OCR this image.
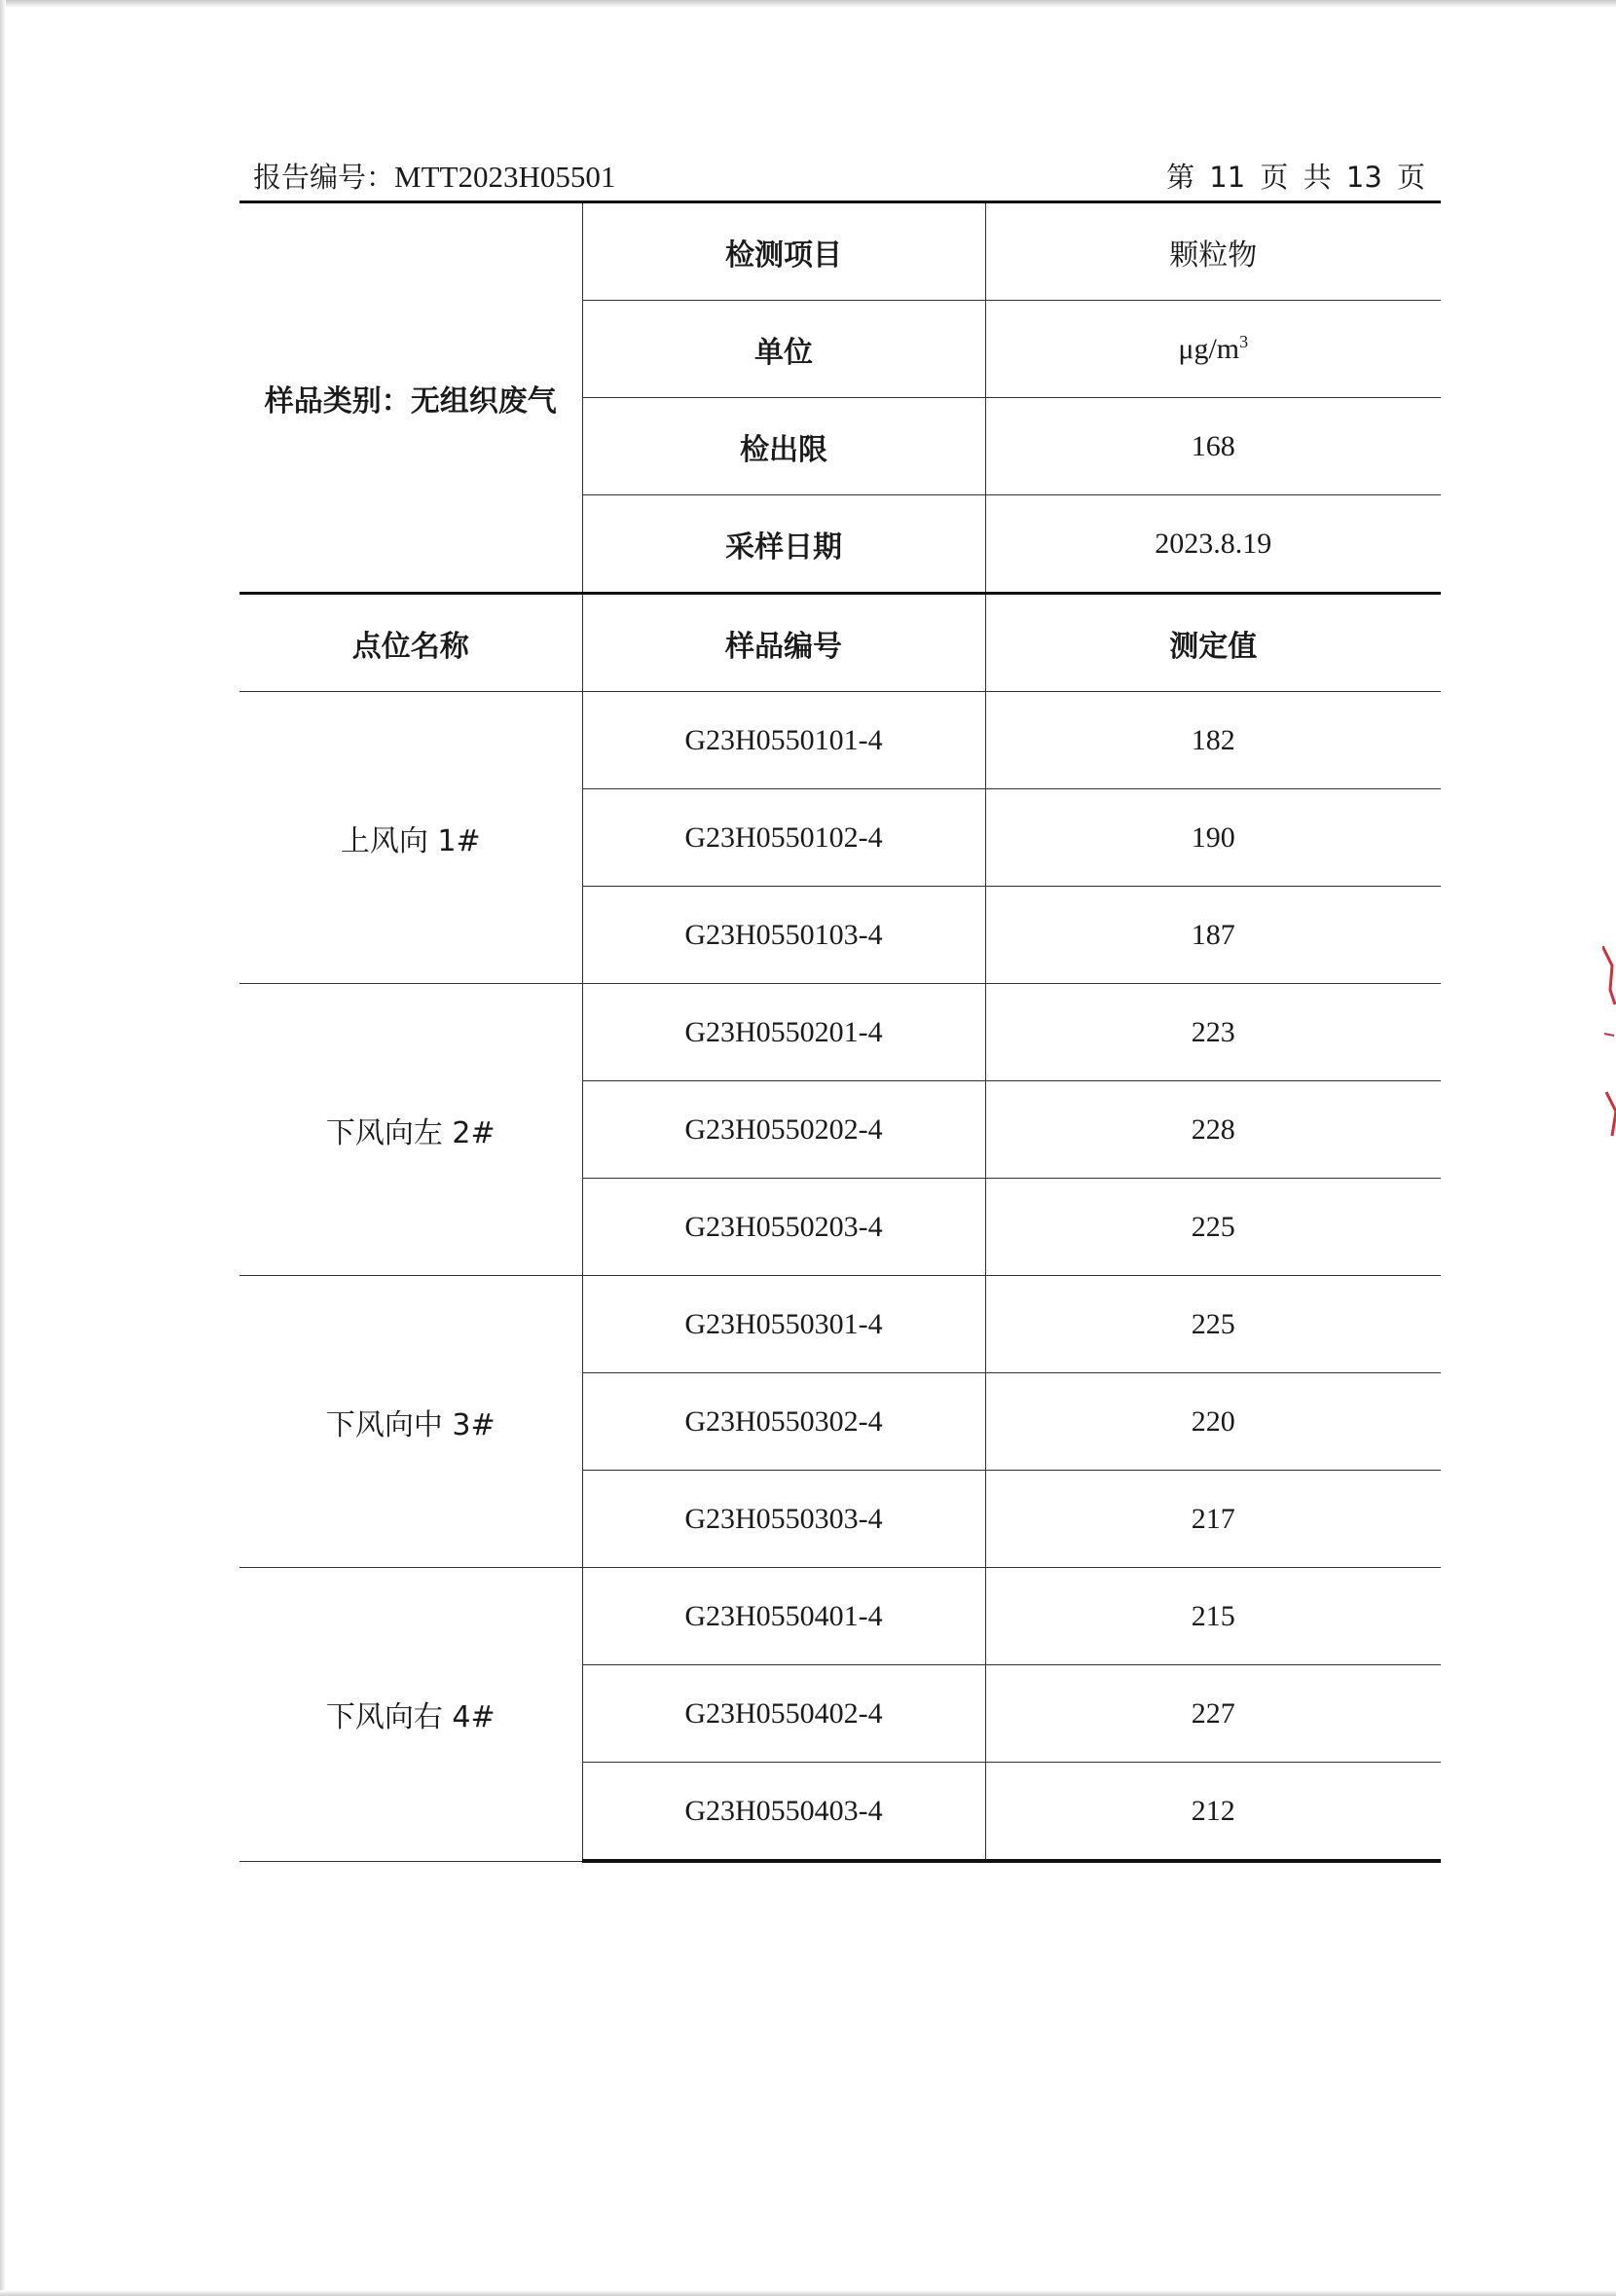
报告编号：MTT2023H05501	第 11 页 共 13 页
样品类别：无组织废气	检测项目	颗粒物
	单位	$\mu g/m^3$
	检出限	168
	采样日期	2023.8.19
点位名称	样品编号	测定值
上风向 1#	G23H0550101-4	182
	G23H0550102-4	190
	G23H0550103-4	187
下风向左 2#	G23H0550201-4	223
	G23H0550202-4	228
	G23H0550203-4	225
下风向中 3#	G23H0550301-4	225
	G23H0550302-4	220
	G23H0550303-4	217
下风向右 4#	G23H0550401-4	215
	G23H0550402-4	227
	G23H0550403-4	212
